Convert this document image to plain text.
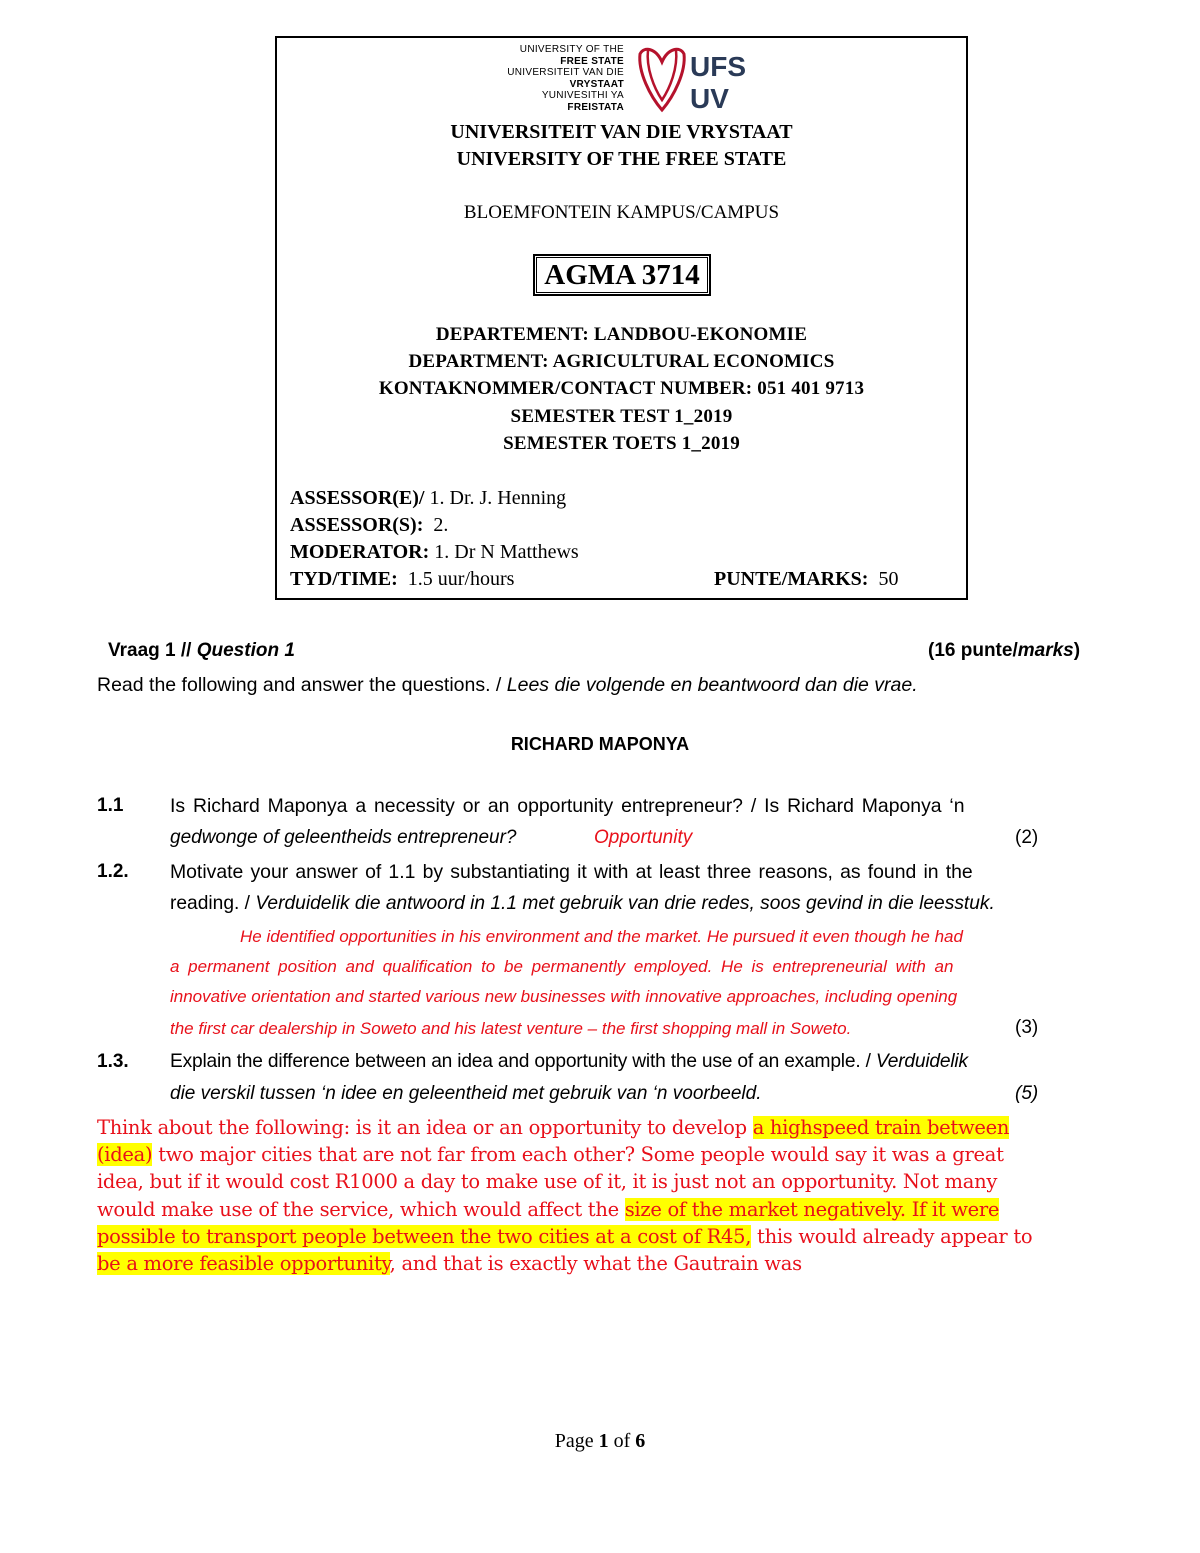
UNIVERSITY OF THE
FREE STATE
UNIVERSITEIT VAN DIE
VRYSTAAT
YUNIVESITHI YA
FREISTATA
UFS
UV
UNIVERSITEIT VAN DIE VRYSTAAT
UNIVERSITY OF THE FREE STATE
BLOEMFONTEIN KAMPUS/CAMPUS
AGMA 3714
DEPARTEMENT: LANDBOU-EKONOMIE
DEPARTMENT: AGRICULTURAL ECONOMICS
KONTAKNOMMER/CONTACT NUMBER: 051 401 9713
SEMESTER TEST 1_2019
SEMESTER TOETS 1_2019
ASSESSOR(E)/ 1. Dr. J. Henning
ASSESSOR(S):  2.
MODERATOR: 1. Dr N Matthews
TYD/TIME:  1.5 uur/hours	PUNTE/MARKS:  50
Vraag 1 // Question 1	(16 punte/marks)
Read the following and answer the questions. / Lees die volgende en beantwoord dan die vrae.
RICHARD MAPONYA
1.1 Is Richard Maponya a necessity or an opportunity entrepreneur? / Is Richard Maponya ‘n
gedwonge of geleentheids entrepreneur?	Opportunity	(2)
1.2. Motivate your answer of 1.1 by substantiating it with at least three reasons, as found in the
reading. / Verduidelik die antwoord in 1.1 met gebruik van drie redes, soos gevind in die leesstuk.
He identified opportunities in his environment and the market. He pursued it even though he had
a permanent position and qualification to be permanently employed. He is entrepreneurial with an
innovative orientation and started various new businesses with innovative approaches, including opening
the first car dealership in Soweto and his latest venture – the first shopping mall in Soweto.	(3)
1.3. Explain the difference between an idea and opportunity with the use of an example. / Verduidelik
die verskil tussen ‘n idee en geleentheid met gebruik van ‘n voorbeeld.	(5)
Think about the following: is it an idea or an opportunity to develop a highspeed train between
(idea) two major cities that are not far from each other? Some people would say it was a great
idea, but if it would cost R1000 a day to make use of it, it is just not an opportunity. Not many
would make use of the service, which would affect the size of the market negatively. If it were
possible to transport people between the two cities at a cost of R45, this would already appear to
be a more feasible opportunity, and that is exactly what the Gautrain was
Page 1 of 6
